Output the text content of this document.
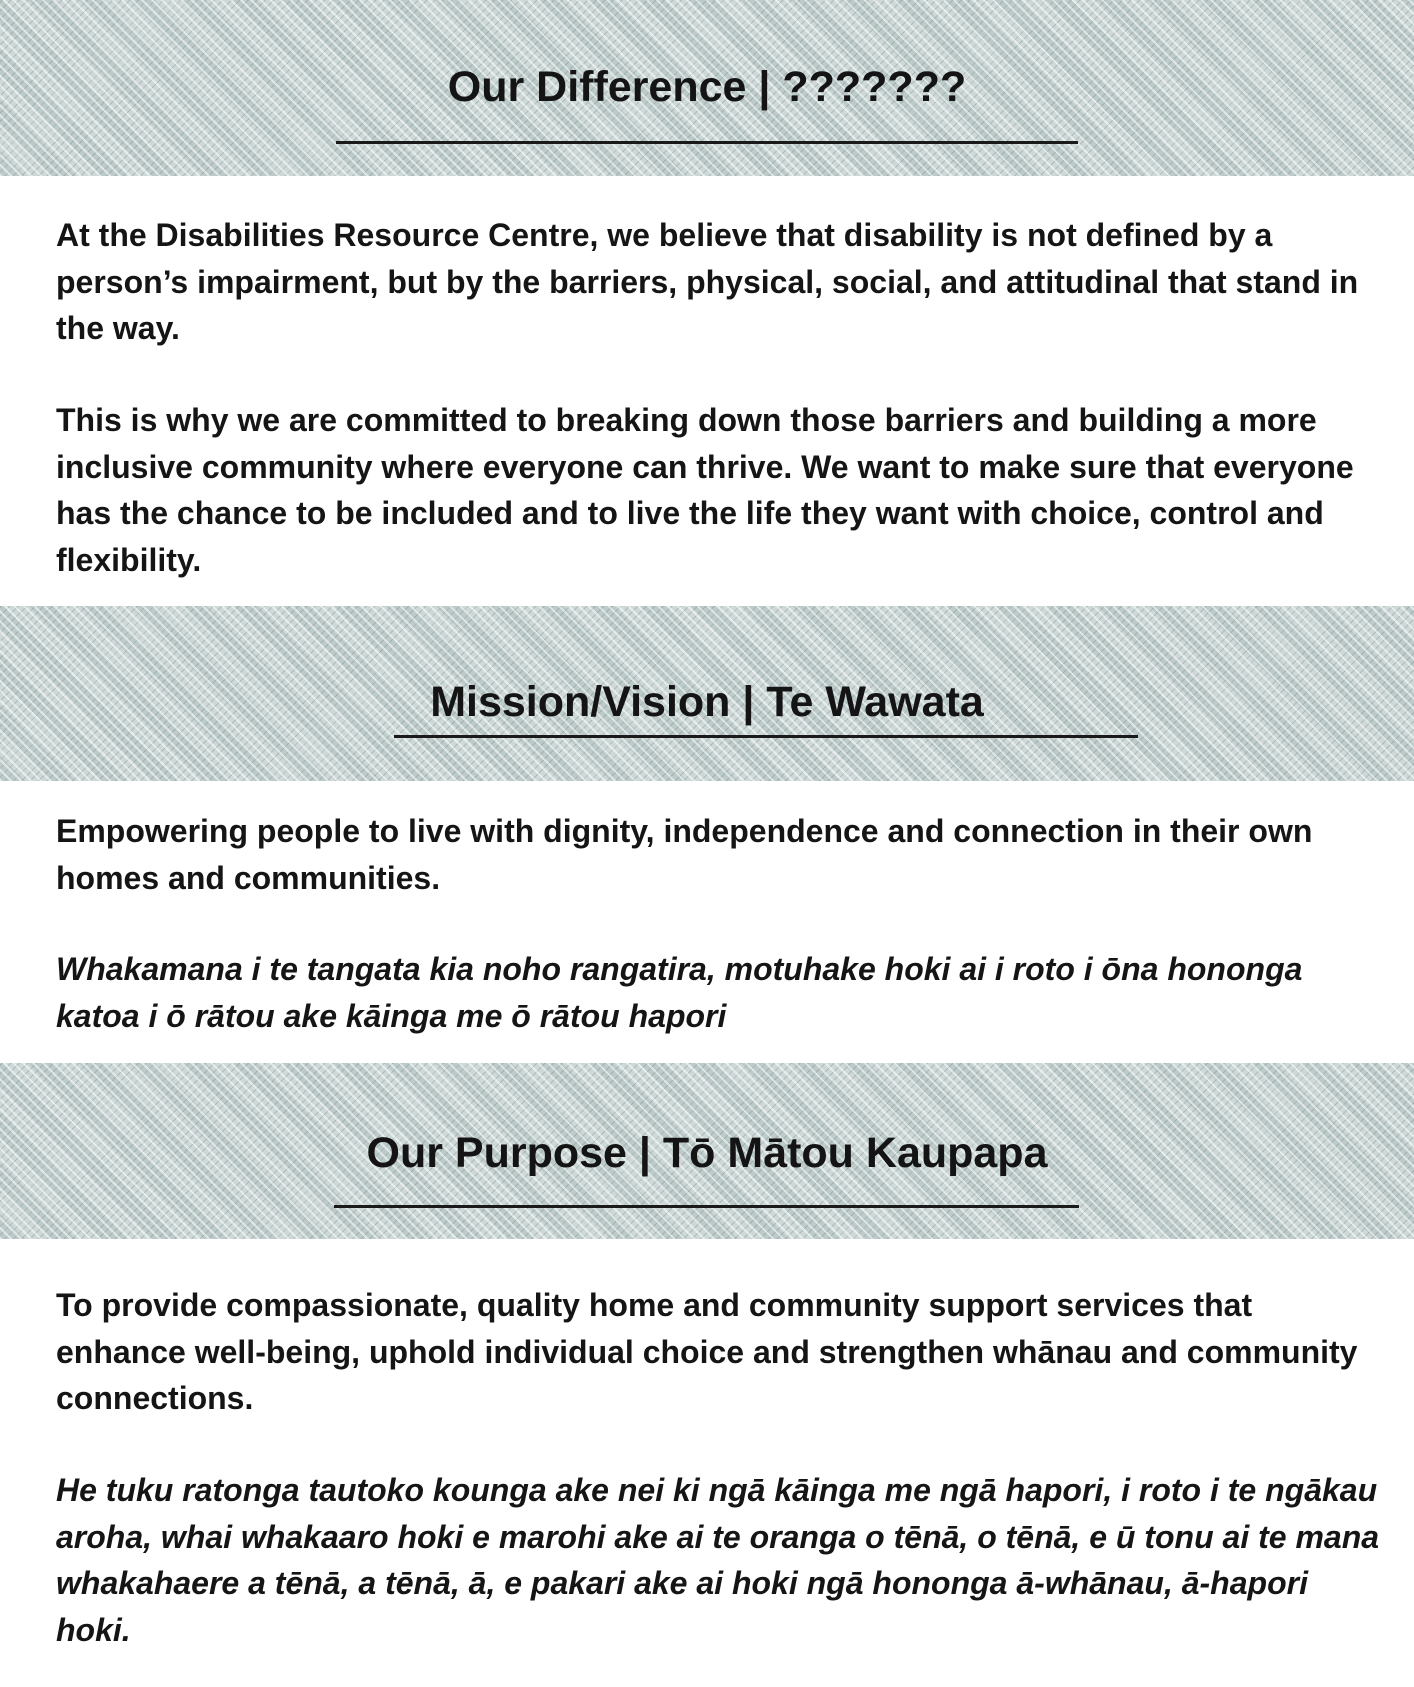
Our Difference | ???????

At the Disabilities Resource Centre, we believe that disability is not defined by a person’s impairment, but by the barriers, physical, social, and attitudinal that stand in the way.

This is why we are committed to breaking down those barriers and building a more inclusive community where everyone can thrive. We want to make sure that everyone has the chance to be included and to live the life they want with choice, control and flexibility.

Mission/Vision | Te Wawata

Empowering people to live with dignity, independence and connection in their own homes and communities.

Whakamana i te tangata kia noho rangatira, motuhake hoki ai i roto i ōna hononga katoa i ō rātou ake kāinga me ō rātou hapori

Our Purpose | Tō Mātou Kaupapa

To provide compassionate, quality home and community support services that enhance well-being, uphold individual choice and strengthen whānau and community connections.

He tuku ratonga tautoko kounga ake nei ki ngā kāinga me ngā hapori, i roto i te ngākau aroha, whai whakaaro hoki e marohi ake ai te oranga o tēnā, o tēnā, e ū tonu ai te mana whakahaere a tēnā, a tēnā, ā, e pakari ake ai hoki ngā hononga ā-whānau, ā-hapori hoki.
